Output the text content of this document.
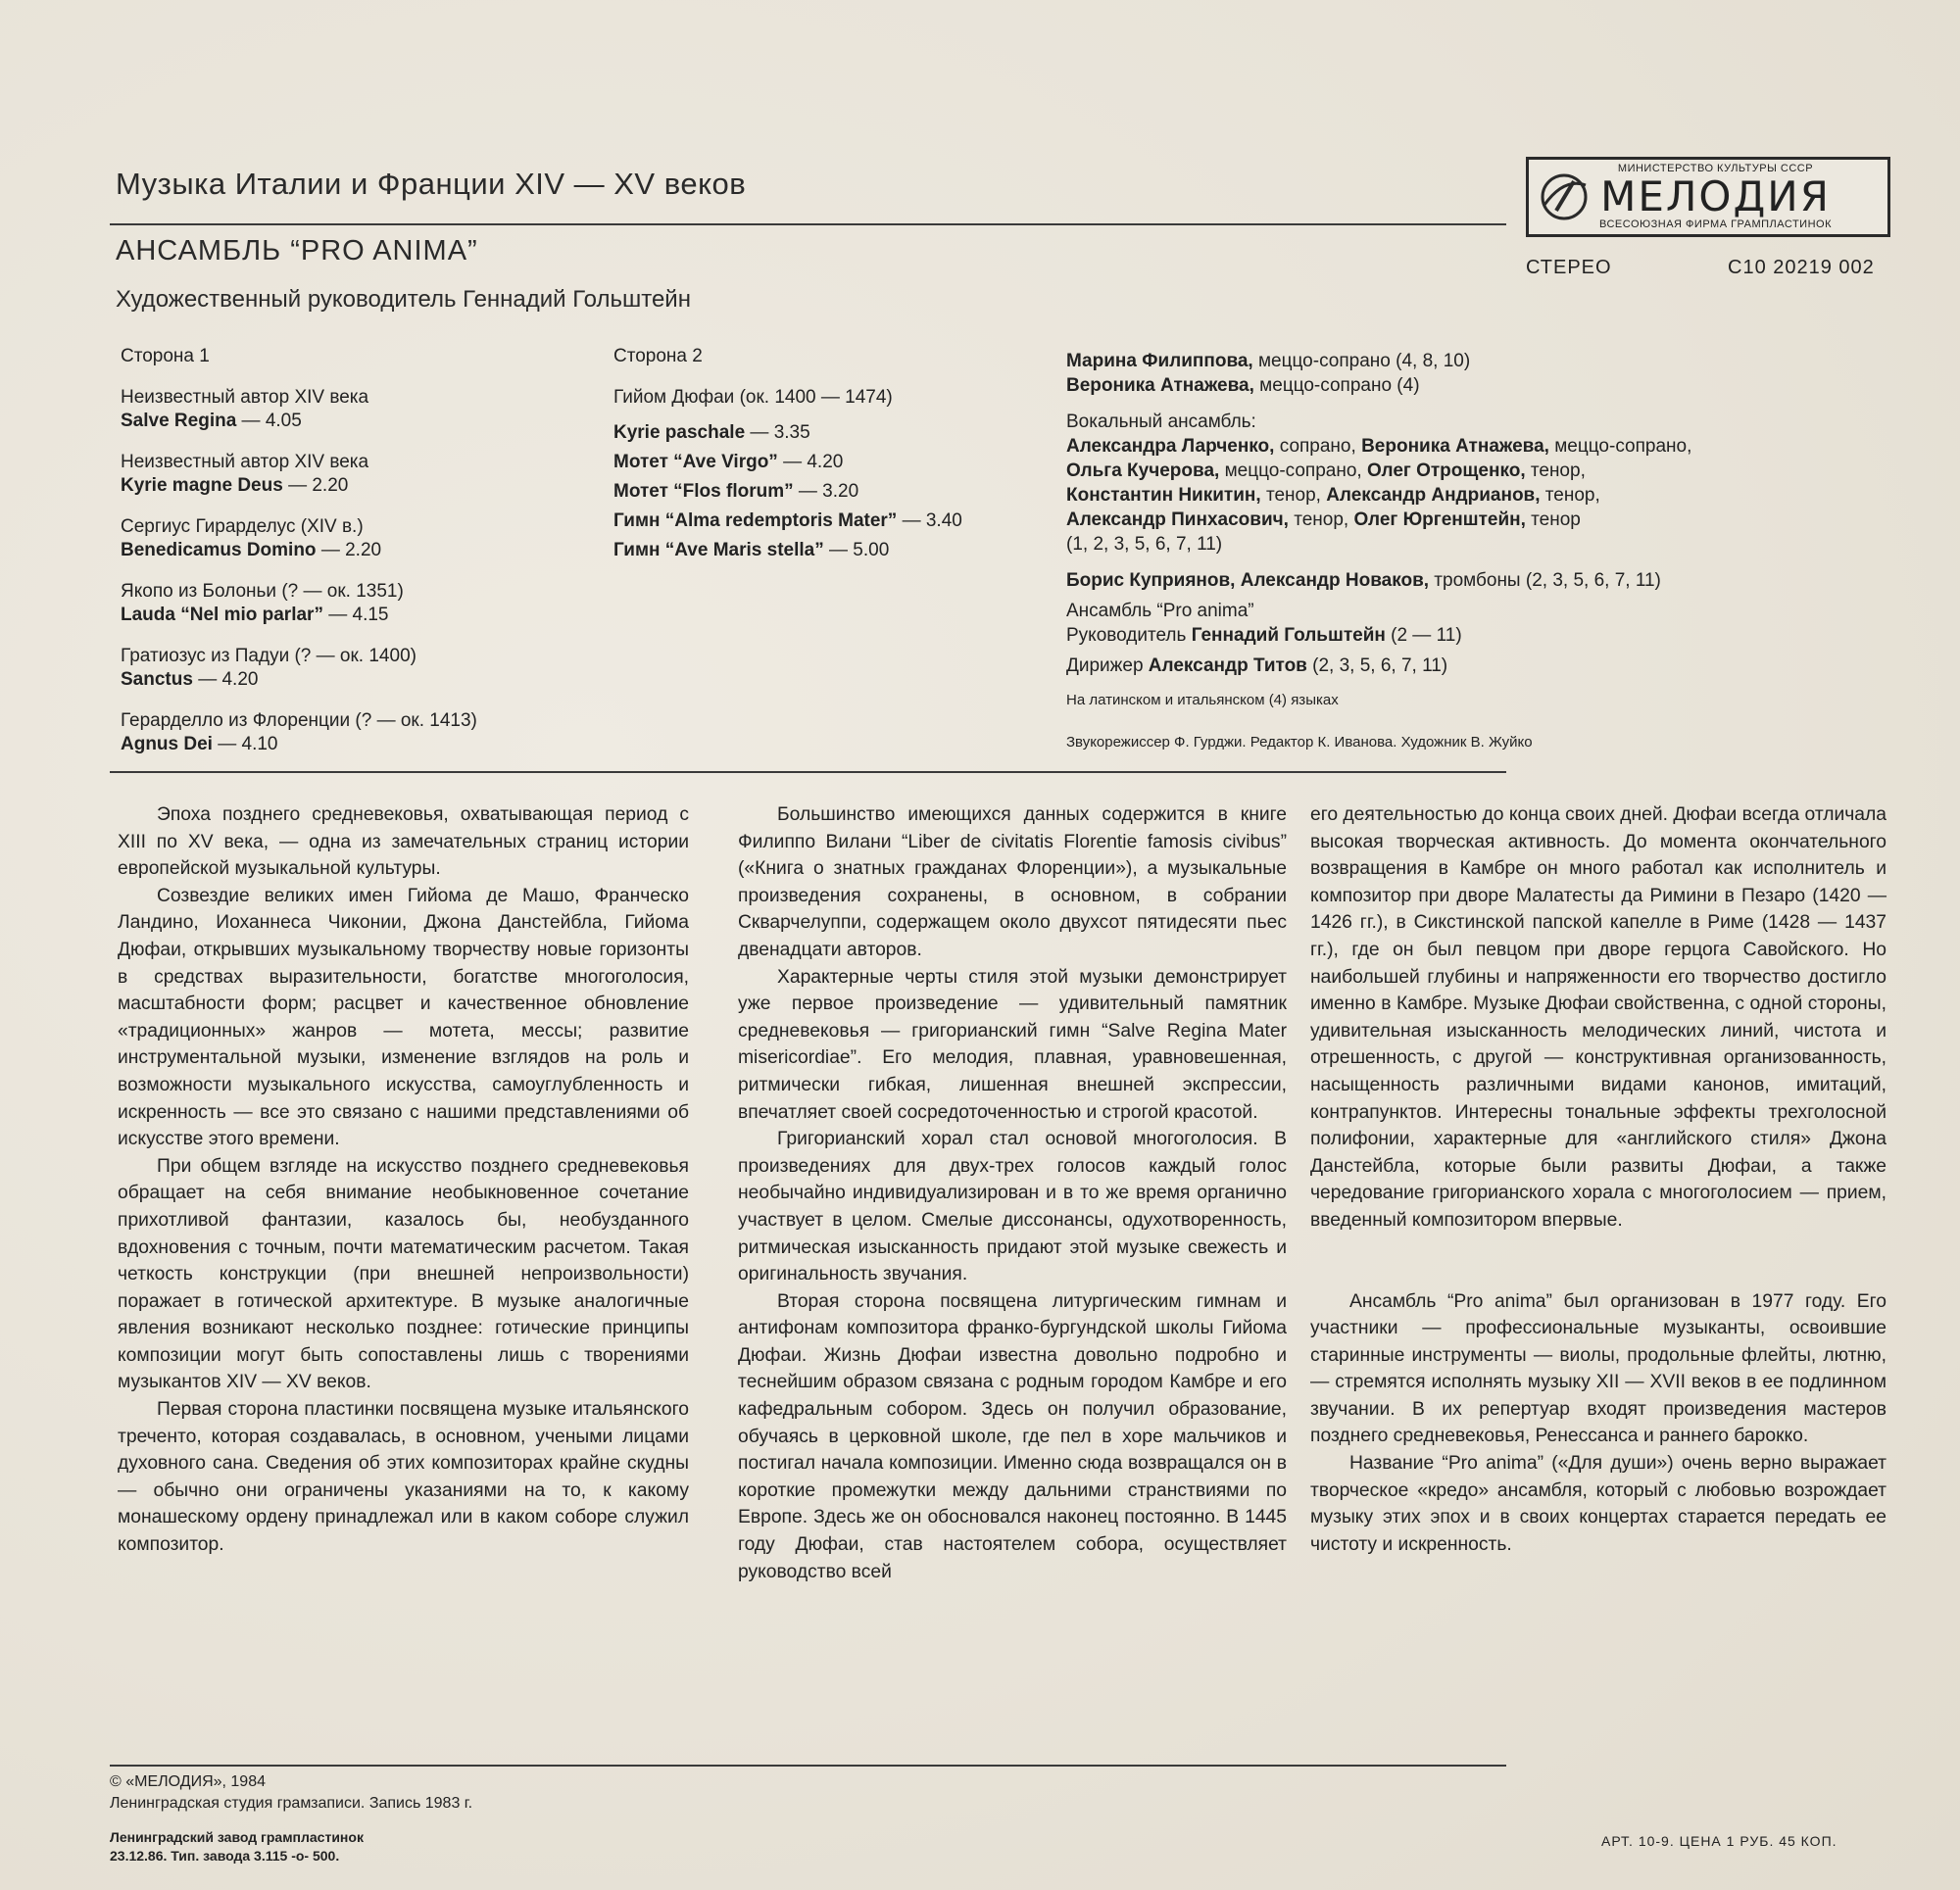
Музыка Италии и Франции XIV — XV веков
АНСАМБЛЬ “PRO ANIMA”
Художественный руководитель Геннадий Гольштейн
МИНИСТЕРСТВО КУЛЬТУРЫ СССР
МЕЛОДИЯ
ВСЕСОЮЗНАЯ ФИРМА ГРАМПЛАСТИНОК
СТЕРЕО	С10 20219 002
Сторона 1
Неизвестный автор XIV века
Salve Regina — 4.05
Неизвестный автор XIV века
Kyrie magne Deus — 2.20
Сергиус Гирарделус (XIV в.)
Benedicamus Domino — 2.20
Якопо из Болоньи (? — ок. 1351)
Lauda “Nel mio parlar” — 4.15
Гратиозус из Падуи (? — ок. 1400)
Sanctus — 4.20
Герарделло из Флоренции (? — ок. 1413)
Agnus Dei — 4.10
Сторона 2
Гийом Дюфаи (ок. 1400 — 1474)
Kyrie paschale — 3.35
Мотет “Ave Virgo” — 4.20
Мотет “Flos florum” — 3.20
Гимн “Alma redemptoris Mater” — 3.40
Гимн “Ave Maris stella” — 5.00
Марина Филиппова, меццо-сопрано (4, 8, 10)
Вероника Атнажева, меццо-сопрано (4)
Вокальный ансамбль:
Александра Ларченко, сопрано, Вероника Атнажева, меццо-сопрано,
Ольга Кучерова, меццо-сопрано, Олег Отрощенко, тенор,
Константин Никитин, тенор, Александр Андрианов, тенор,
Александр Пинхасович, тенор, Олег Юргенштейн, тенор
(1, 2, 3, 5, 6, 7, 11)
Борис Куприянов, Александр Новаков, тромбоны (2, 3, 5, 6, 7, 11)
Ансамбль “Pro anima”
Руководитель Геннадий Гольштейн (2 — 11)
Дирижер Александр Титов (2, 3, 5, 6, 7, 11)
На латинском и итальянском (4) языках
Звукорежиссер Ф. Гурджи. Редактор К. Иванова. Художник В. Жуйко

Эпоха позднего средневековья, охватывающая период с XIII по XV века, — одна из замечательных страниц истории европейской музыкальной культуры.

Созвездие великих имен Гийома де Машо, Франческо Ландино, Иоханнеса Чиконии, Джона Данстейбла, Гийома Дюфаи, открывших музыкальному творчеству новые горизонты в средствах выразительности, богатстве многоголосия, масштабности форм; расцвет и качественное обновление «традиционных» жанров — мотета, мессы; развитие инструментальной музыки, изменение взглядов на роль и возможности музыкального искусства, самоуглубленность и искренность — все это связано с нашими представлениями об искусстве этого времени.

При общем взгляде на искусство позднего средневековья обращает на себя внимание необыкновенное сочетание прихотливой фантазии, казалось бы, необузданного вдохновения с точным, почти математическим расчетом. Такая четкость конструкции (при внешней непроизвольности) поражает в готической архитектуре. В музыке аналогичные явления возникают несколько позднее: готические принципы композиции могут быть сопоставлены лишь с творениями музыкантов XIV — XV веков.

Первая сторона пластинки посвящена музыке итальянского треченто, которая создавалась, в основном, учеными лицами духовного сана. Сведения об этих композиторах крайне скудны — обычно они ограничены указаниями на то, к какому монашескому ордену принадлежал или в каком соборе служил композитор.

Большинство имеющихся данных содержится в книге Филиппо Вилани “Liber de civitatis Florentie famosis civibus” («Книга о знатных гражданах Флоренции»), а музыкальные произведения сохранены, в основном, в собрании Скварчелуппи, содержащем около двухсот пятидесяти пьес двенадцати авторов.

Характерные черты стиля этой музыки демонстрирует уже первое произведение — удивительный памятник средневековья — григорианский гимн “Salve Regina Mater misericordiae”. Его мелодия, плавная, уравновешенная, ритмически гибкая, лишенная внешней экспрессии, впечатляет своей сосредоточенностью и строгой красотой.

Григорианский хорал стал основой многоголосия. В произведениях для двух-трех голосов каждый голос необычайно индивидуализирован и в то же время органично участвует в целом. Смелые диссонансы, одухотворенность, ритмическая изысканность придают этой музыке свежесть и оригинальность звучания.

Вторая сторона посвящена литургическим гимнам и антифонам композитора франко-бургундской школы Гийома Дюфаи. Жизнь Дюфаи известна довольно подробно и теснейшим образом связана с родным городом Камбре и его кафедральным собором. Здесь он получил образование, обучаясь в церковной школе, где пел в хоре мальчиков и постигал начала композиции. Именно сюда возвращался он в короткие промежутки между дальними странствиями по Европе. Здесь же он обосновался наконец постоянно. В 1445 году Дюфаи, став настоятелем собора, осуществляет руководство всей

его деятельностью до конца своих дней. Дюфаи всегда отличала высокая творческая активность. До момента окончательного возвращения в Камбре он много работал как исполнитель и композитор при дворе Малатесты да Римини в Пезаро (1420 — 1426 гг.), в Сикстинской папской капелле в Риме (1428 — 1437 гг.), где он был певцом при дворе герцога Савойского. Но наибольшей глубины и напряженности его творчество достигло именно в Камбре. Музыке Дюфаи свойственна, с одной стороны, удивительная изысканность мелодических линий, чистота и отрешенность, с другой — конструктивная организованность, насыщенность различными видами канонов, имитаций, контрапунктов. Интересны тональные эффекты трехголосной полифонии, характерные для «английского стиля» Джона Данстейбла, которые были развиты Дюфаи, а также чередование григорианского хорала с многоголосием — прием, введенный композитором впервые.

Ансамбль “Pro anima” был организован в 1977 году. Его участники — профессиональные музыканты, освоившие старинные инструменты — виолы, продольные флейты, лютню, — стремятся исполнять музыку XII — XVII веков в ее подлинном звучании. В их репертуар входят произведения мастеров позднего средневековья, Ренессанса и раннего барокко.

Название “Pro anima” («Для души») очень верно выражает творческое «кредо» ансамбля, который с любовью возрождает музыку этих эпох и в своих концертах старается передать ее чистоту и искренность.

© «МЕЛОДИЯ», 1984
Ленинградская студия грамзаписи. Запись 1983 г.
Ленинградский завод грампластинок
23.12.86. Тип. завода 3.115 -о- 500.
АРТ. 10-9. ЦЕНА 1 РУБ. 45 КОП.
